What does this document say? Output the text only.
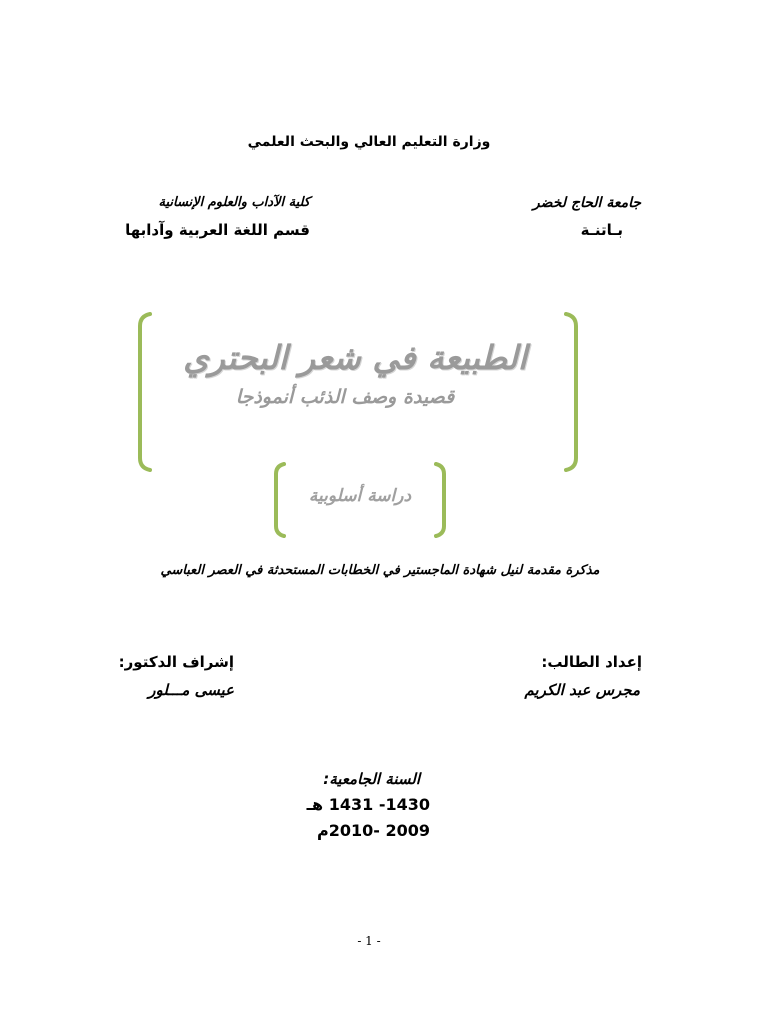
وزارة التعليم العالي والبحث العلمي
جامعة الحاج لخضر
بـاتنـة
كلية الآداب والعلوم الإنسانية
قسم اللغة العربية وآدابها
الطبيعة في شعر البحتري
قصيدة وصف الذئب أنموذجا
دراسة أسلوبية
مذكرة مقدمة لنيل شهادة الماجستير في الخطابات المستحدثة في العصر العباسي
إعداد الطالب:
مجرس عبد الكريم
إشراف الدكتور:
عيسى مـــلور
السنة الجامعية:
1430- 1431 هـ
2009 -2010م
- 1 -
